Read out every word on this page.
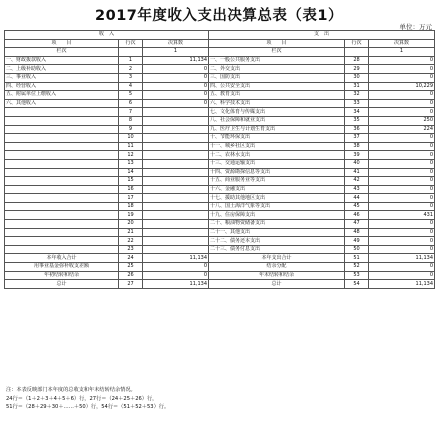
2017年度收入支出决算总表（表1）
单位：万元
收　入			支　出		
项　　目	行次	决算数	项　　目	行次	决算数
栏次		1	栏次		1
一、财政拨款收入	1	11,134	一、一般公共服务支出	28	0
二、上级补助收入	2	0	二、外交支出	29	0
三、事业收入	3	0	三、国防支出	30	0
四、经营收入	4	0	四、公共安全支出	31	10,229
五、附属单位上缴收入	5	0	五、教育支出	32	0
六、其他收入	6	0	六、科学技术支出	33	0
	7		七、文化体育与传媒支出	34	0
	8		八、社会保障和就业支出	35	250
	9		九、医疗卫生与计划生育支出	36	224
	10		十、节能环保支出	37	0
	11		十一、城乡社区支出	38	0
	12		十二、农林水支出	39	0
	13		十三、交通运输支出	40	0
	14		十四、资源勘探信息等支出	41	0
	15		十五、商业服务业等支出	42	0
	16		十六、金融支出	43	0
	17		十七、援助其他地区支出	44	0
	18		十八、国土海洋气象等支出	45	0
	19		十九、住房保障支出	46	431
	20		二十、粮油物资储备支出	47	0
	21		二十一、其他支出	48	0
	22		二十二、债务还本支出	49	0
	23		二十三、债务付息支出	50	0
本年收入合计	24	11,134	本年支出合计	51	11,134
用事业基金弥补收支差额	25	0	结余分配	52	0
年初结转和结余	26	0	年末结转和结余	53	0
总计	27	11,134	总计	54	11,134
注：本表反映部门本年度的总收支和年末结转结余情况。
24行＝（1＋2＋3＋4＋5＋6）行，27行＝（24＋25＋26）行，
51行＝（28＋29＋30＋……＋50）行，54行＝（51＋52＋53）行。
